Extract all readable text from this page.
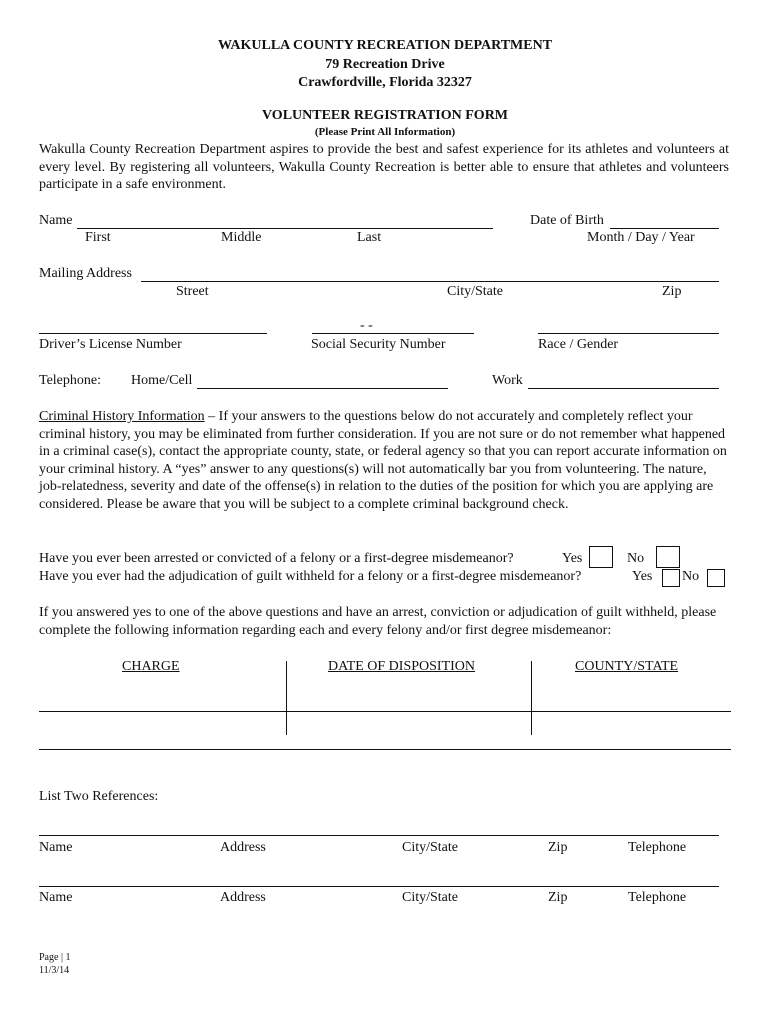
WAKULLA COUNTY RECREATION DEPARTMENT
79 Recreation Drive
Crawfordville, Florida 32327
VOLUNTEER REGISTRATION FORM
(Please Print All Information)
Wakulla County Recreation Department aspires to provide the best and safest experience for its athletes and volunteers at every level. By registering all volunteers, Wakulla County Recreation is better able to ensure that athletes and volunteers participate in a safe environment.
Name	Date of Birth
First	Middle	Last	Month / Day / Year
Mailing Address
Street	City/State	Zip
- -
Driver’s License Number	Social Security Number	Race / Gender
Telephone: Home/Cell	Work
Criminal History Information – If your answers to the questions below do not accurately and completely reflect your criminal history, you may be eliminated from further consideration. If you are not sure or do not remember what happened in a criminal case(s), contact the appropriate county, state, or federal agency so that you can report accurate information on your criminal history. A “yes” answer to any questions(s) will not automatically bar you from volunteering. The nature, job-relatedness, severity and date of the offense(s) in relation to the duties of the position for which you are applying are considered. Please be aware that you will be subject to a complete criminal background check.
Have you ever been arrested or convicted of a felony or a first-degree misdemeanor?	Yes	No
Have you ever had the adjudication of guilt withheld for a felony or a first-degree misdemeanor?	Yes No
If you answered yes to one of the above questions and have an arrest, conviction or adjudication of guilt withheld, please complete the following information regarding each and every felony and/or first degree misdemeanor:
CHARGE	DATE OF DISPOSITION	COUNTY/STATE
List Two References:
Name	Address	City/State	Zip	Telephone
Name	Address	City/State	Zip	Telephone
Page | 1
11/3/14
